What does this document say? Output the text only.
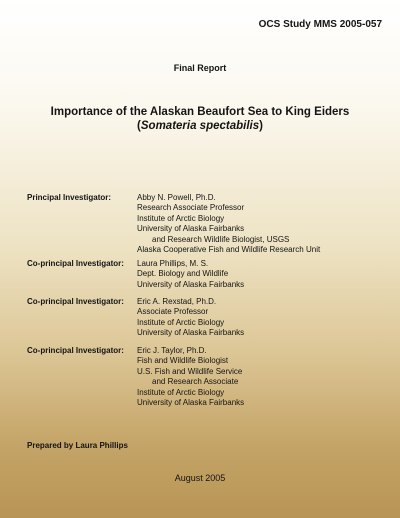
OCS Study MMS 2005-057
Final Report
Importance of the Alaskan Beaufort Sea to King Eiders (Somateria spectabilis)
Principal Investigator:	Abby N. Powell, Ph.D.
Research Associate Professor
Institute of Arctic Biology
University of Alaska Fairbanks
and Research Wildlife Biologist, USGS
Alaska Cooperative Fish and Wildlife Research Unit
Co-principal Investigator: Laura Phillips, M. S.
Dept. Biology and Wildlife
University of Alaska Fairbanks
Co-principal Investigator: Eric A. Rexstad, Ph.D.
Associate Professor
Institute of Arctic Biology
University of Alaska Fairbanks
Co-principal Investigator: Eric J. Taylor, Ph.D.
Fish and Wildlife Biologist
U.S. Fish and Wildlife Service
and Research Associate
Institute of Arctic Biology
University of Alaska Fairbanks
Prepared by Laura Phillips
August 2005
